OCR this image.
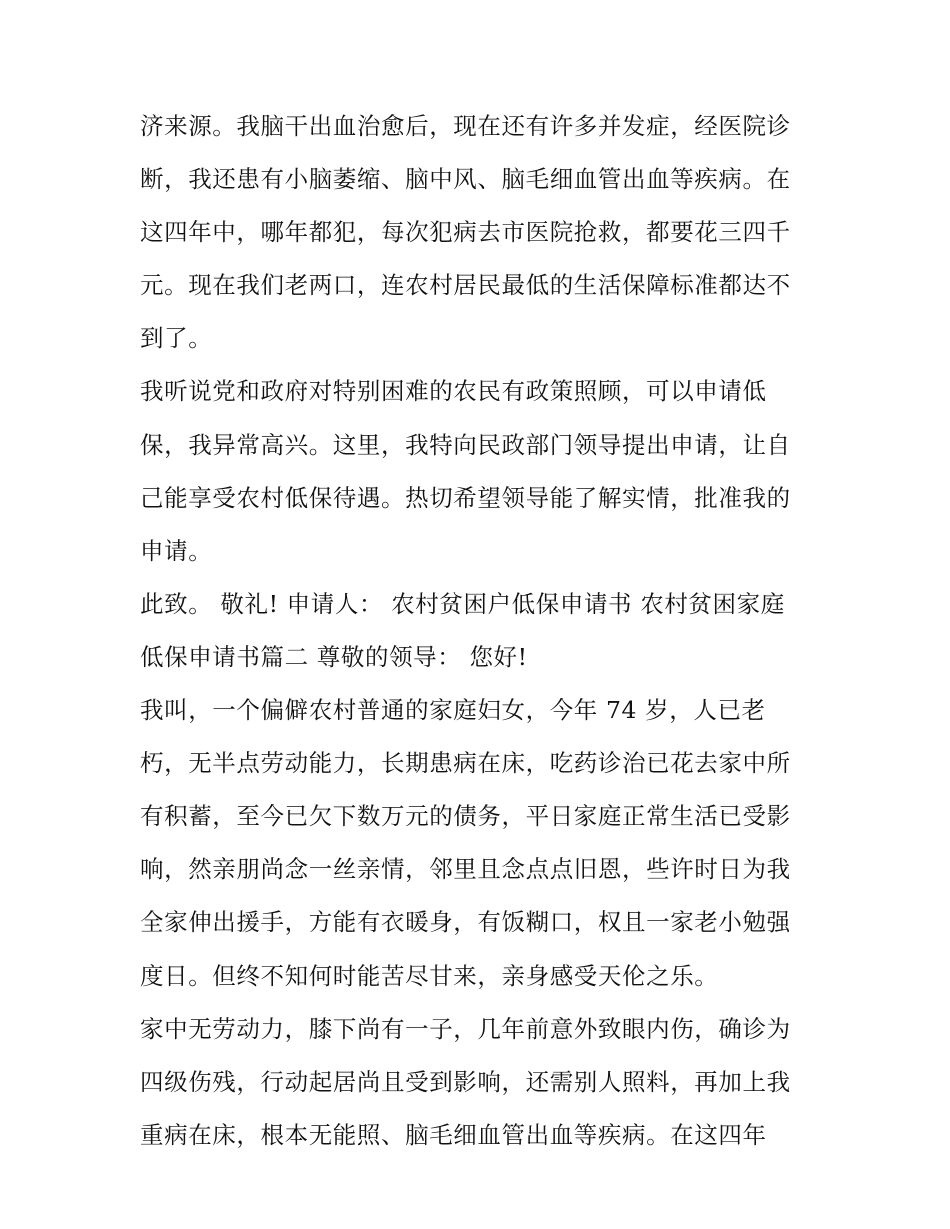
济来源。我脑干出血治愈后，现在还有许多并发症，经医院诊
断，我还患有小脑萎缩、脑中风、脑毛细血管出血等疾病。在
这四年中，哪年都犯，每次犯病去市医院抢救，都要花三四千
元。现在我们老两口，连农村居民最低的生活保障标准都达不
到了。
我听说党和政府对特别困难的农民有政策照顾，可以申请低
保，我异常高兴。这里，我特向民政部门领导提出申请，让自
己能享受农村低保待遇。热切希望领导能了解实情，批准我的
申请。
此致。 敬礼! 申请人： 农村贫困户低保申请书 农村贫困家庭
低保申请书篇二 尊敬的领导： 您好!
我叫，一个偏僻农村普通的家庭妇女，今年 74 岁，人已老
朽，无半点劳动能力，长期患病在床，吃药诊治已花去家中所
有积蓄，至今已欠下数万元的债务，平日家庭正常生活已受影
响，然亲朋尚念一丝亲情，邻里且念点点旧恩，些许时日为我
全家伸出援手，方能有衣暖身，有饭糊口，权且一家老小勉强
度日。但终不知何时能苦尽甘来，亲身感受天伦之乐。
家中无劳动力，膝下尚有一子，几年前意外致眼内伤，确诊为
四级伤残，行动起居尚且受到影响，还需别人照料，再加上我
重病在床，根本无能照、脑毛细血管出血等疾病。在这四年
